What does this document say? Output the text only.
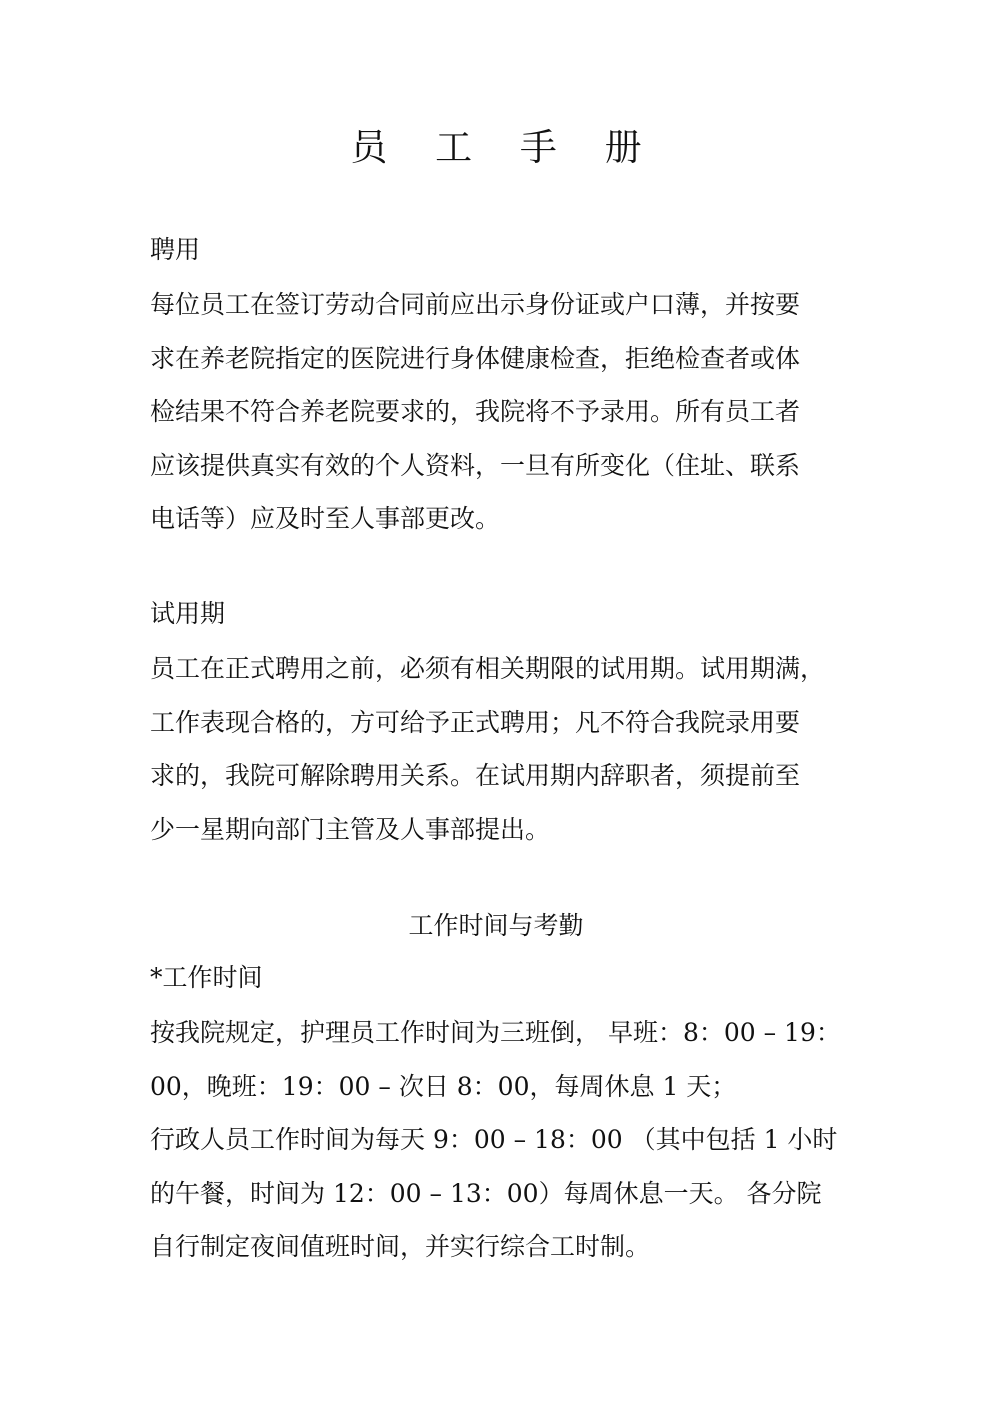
员 工 手 册
聘用
每位员工在签订劳动合同前应出示身份证或户口薄，并按要
求在养老院指定的医院进行身体健康检查，拒绝检查者或体
检结果不符合养老院要求的，我院将不予录用。所有员工者
应该提供真实有效的个人资料，一旦有所变化（住址、联系
电话等）应及时至人事部更改。
试用期
员工在正式聘用之前，必须有相关期限的试用期。试用期满，
工作表现合格的，方可给予正式聘用；凡不符合我院录用要
求的，我院可解除聘用关系。在试用期内辞职者，须提前至
少一星期向部门主管及人事部提出。
工作时间与考勤
*工作时间
按我院规定，护理员工作时间为三班倒， 早班：8：00 – 19：
00，晚班：19：00 – 次日 8：00，每周休息 1 天；
行政人员工作时间为每天 9：00 – 18：00 （其中包括 1 小时
的午餐，时间为 12：00 – 13：00）每周休息一天。 各分院
自行制定夜间值班时间，并实行综合工时制。
